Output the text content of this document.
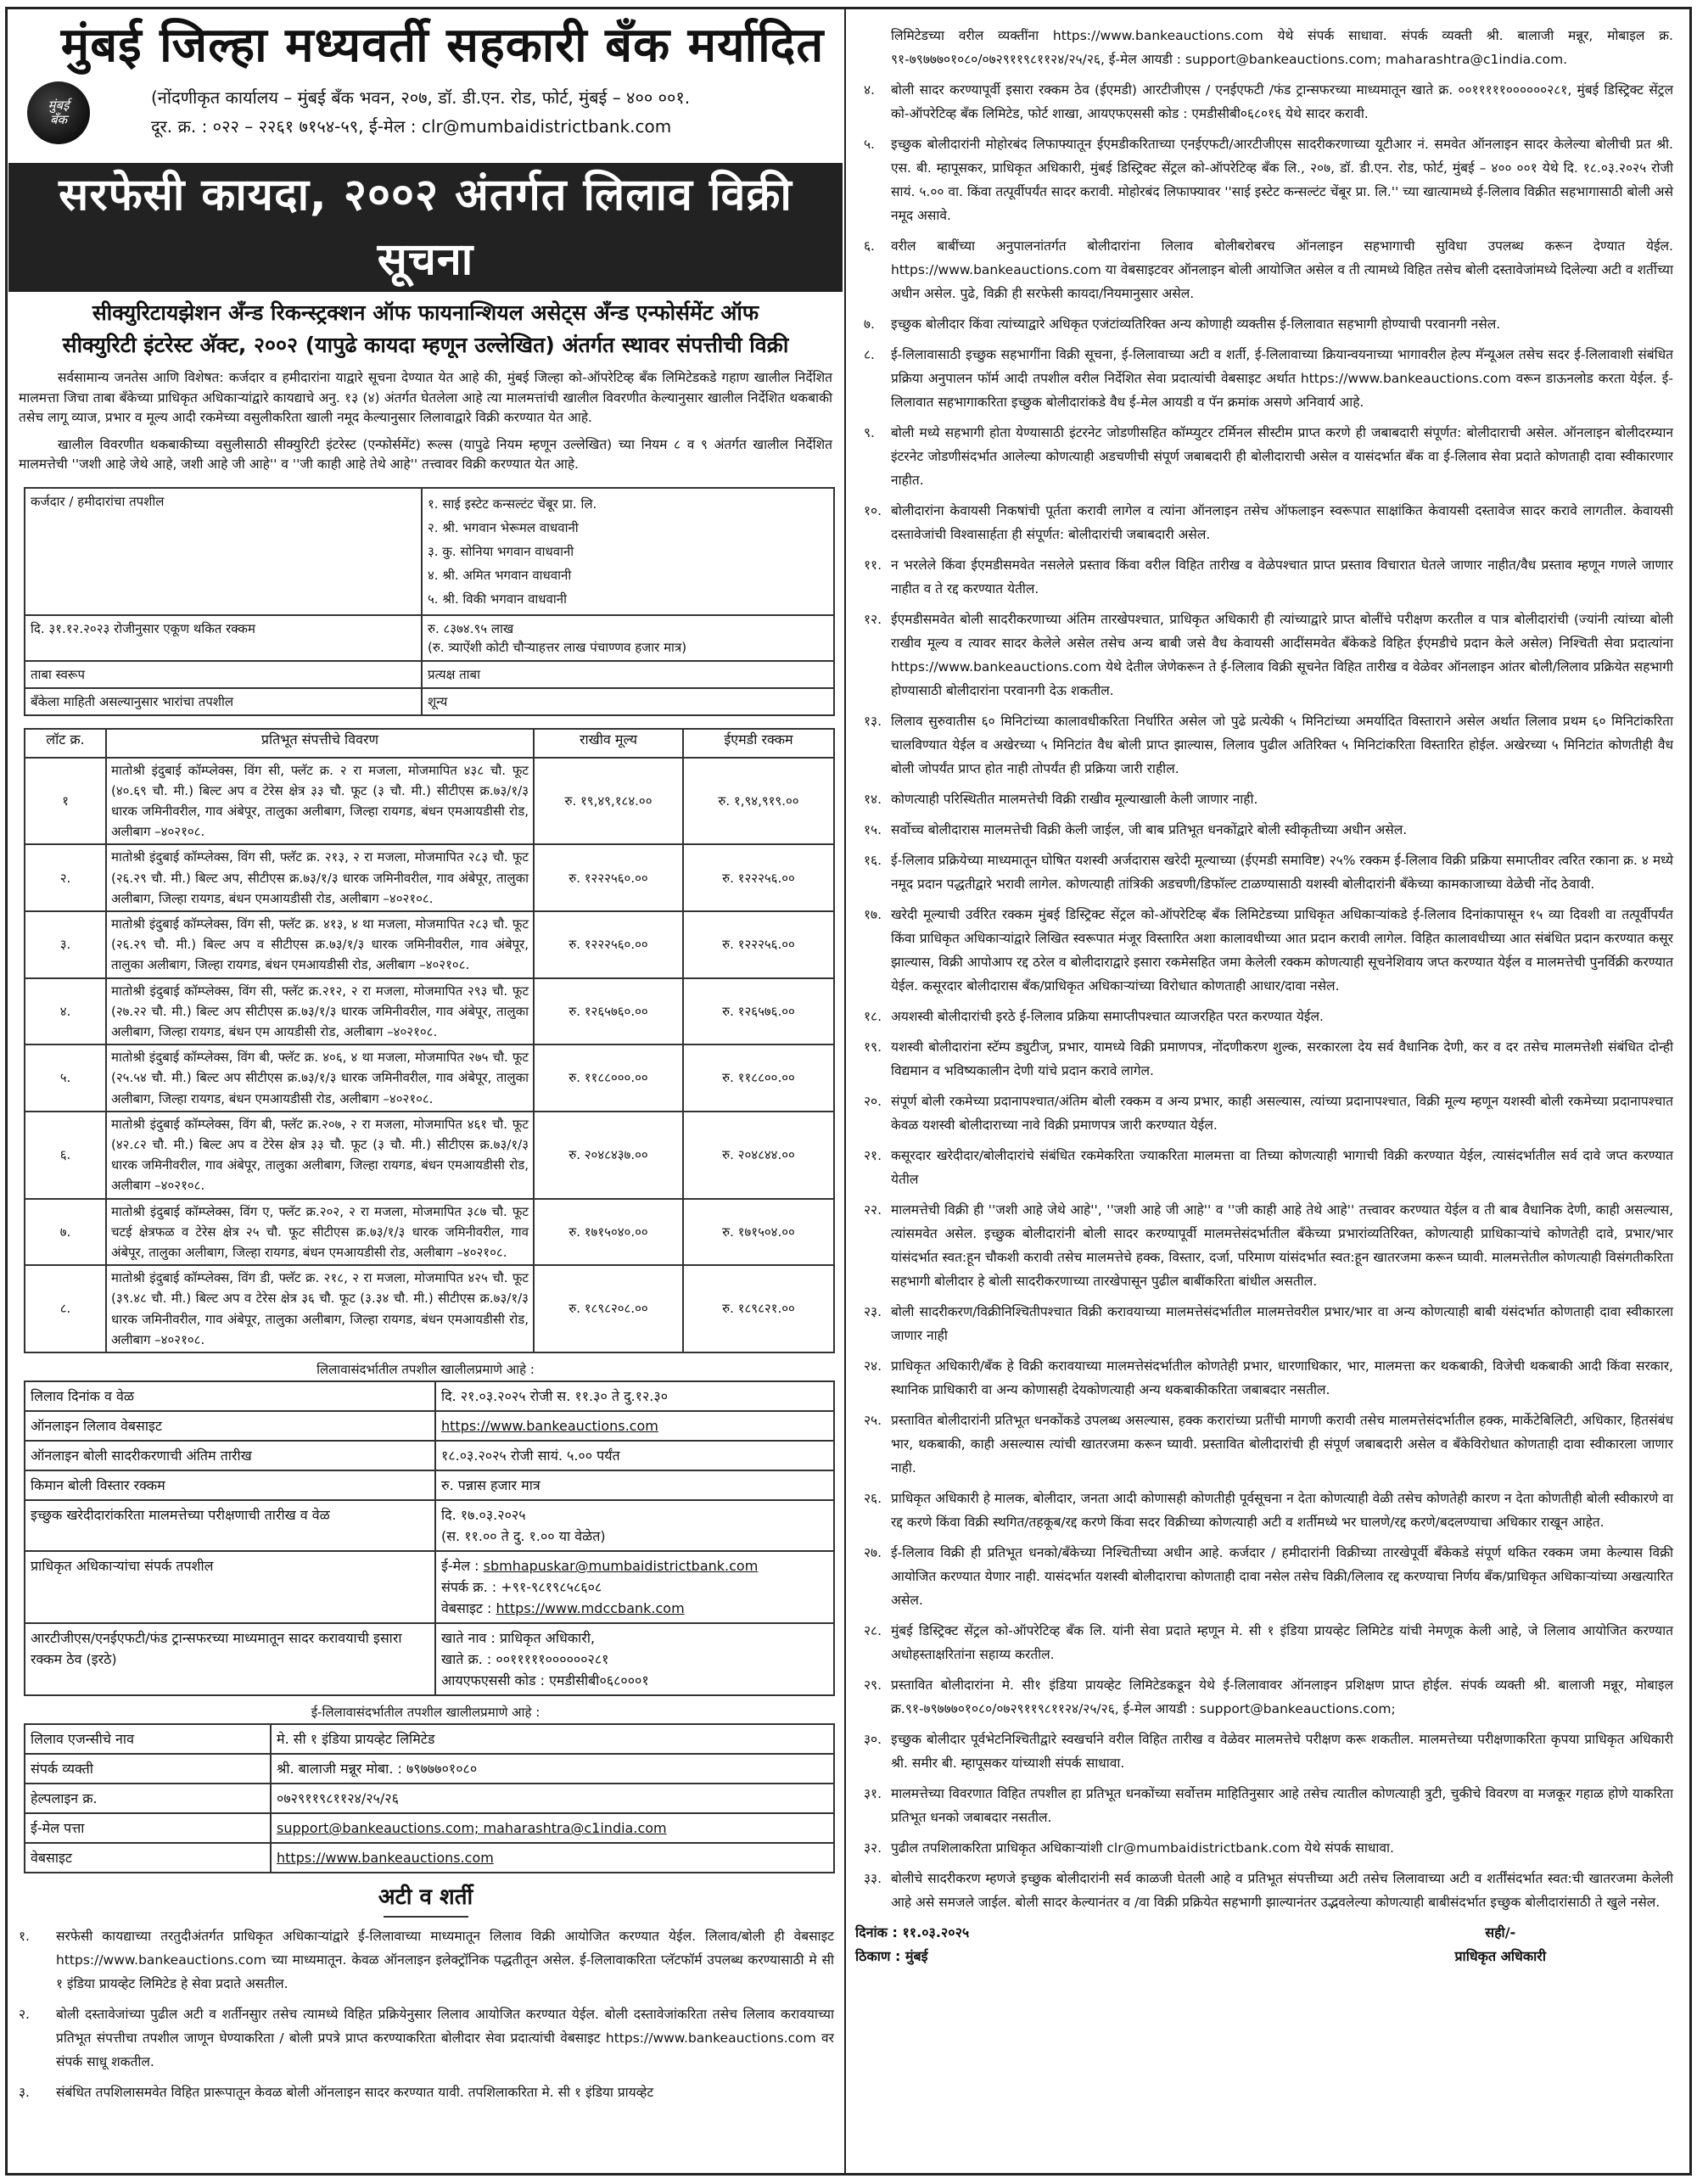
मुंबई जिल्हा मध्यवर्ती सहकारी बँक मर्यादित
मुंबई
बँक
(नोंदणीकृत कार्यालय – मुंबई बँक भवन, २०७, डॉ. डी.एन. रोड, फोर्ट, मुंबई – ४०० ००१.
दूर. क्र. : ०२२ – २२६१ ७१५४-५९, ई-मेल : clr@mumbaidistrictbank.com
सरफेसी कायदा, २००२ अंतर्गत लिलाव विक्री सूचना
सीक्युरिटायझेशन अँन्ड रिकन्स्ट्रक्शन ऑफ फायनान्शियल असेट्स अँन्ड एन्फोर्समेंट ऑफ
सीक्युरिटी इंटरेस्ट अ‍ॅक्ट, २००२ (यापुढे कायदा म्हणून उल्लेखित) अंतर्गत स्थावर संपत्तीची विक्री

सर्वसामान्य जनतेस आणि विशेषत: कर्जदार व हमीदारांना याद्वारे सूचना देण्यात येत आहे की, मुंबई जिल्हा को-ऑपरेटिव्ह बँक लिमिटेडकडे गहाण खालील निर्देशित मालमत्ता जिचा ताबा बँकेच्या प्राधिकृत अधिकाऱ्यांद्वारे कायद्याचे अनु. १३ (४) अंतर्गत घेतलेला आहे त्या मालमत्तांची खालील विवरणीत केल्यानुसार खालील निर्देशित थकबाकी तसेच लागू व्याज, प्रभार व मूल्य आदी रकमेच्या वसुलीकरिता खाली नमूद केल्यानुसार लिलावाद्वारे विक्री करण्यात येत आहे.

खालील विवरणीत थकबाकीच्या वसुलीसाठी सीक्युरिटी इंटरेस्ट (एन्फोर्समेंट) रूल्स (यापुढे नियम म्हणून उल्लेखित) च्या नियम ८ व ९ अंतर्गत खालील निर्देशित मालमत्तेची ''जशी आहे जेथे आहे, जशी आहे जी आहे'' व ''जी काही आहे तेथे आहे'' तत्त्वावर विक्री करण्यात येत आहे.

कर्जदार / हमीदारांचा तपशील	१. साई इस्टेट कन्सल्टंट चेंबूर प्रा. लि.
२. श्री. भगवान भेरूमल वाधवानी
३. कु. सोनिया भगवान वाधवानी
४. श्री. अमित भगवान वाधवानी
५. श्री. विकी भगवान वाधवानी

दि. ३१.१२.२०२३ रोजीनुसार एकूण थकित रक्कम	रु. ८३७४.९५ लाख
(रु. त्र्याऐंशी कोटी चौऱ्याहत्तर लाख पंचाण्णव हजार मात्र)

ताबा स्वरूप	प्रत्यक्ष ताबा
बँकेला माहिती असल्यानुसार भारांचा तपशील	शून्य
लॉट क्र.	प्रतिभूत संपत्तीचे विवरण	राखीव मूल्य	ईएमडी रक्कम
१	मातोश्री इंदुबाई कॉम्प्लेक्स, विंग सी, फ्लॅट क्र. २ रा मजला, मोजमापित ४३८ चौ. फूट (४०.६९ चौ. मी.) बिल्ट अप व टेरेस क्षेत्र ३३ चौ. फूट (३ चौ. मी.) सीटीएस क्र.७३/१/३ धारक जमिनीवरील, गाव अंबेपूर, तालुका अलीबाग, जिल्हा रायगड, बंधन एमआयडीसी रोड, अलीबाग –४०२१०८.	रु. १९,४९,१८४.००	रु. १,९४,९१९.००
२.	मातोश्री इंदुबाई कॉम्प्लेक्स, विंग सी, फ्लॅट क्र. २१३, २ रा मजला, मोजमापित २८३ चौ. फूट (२६.२९ चौ. मी.) बिल्ट अप, सीटीएस क्र.७३/१/३ धारक जमिनीवरील, गाव अंबेपूर, तालुका अलीबाग, जिल्हा रायगड, बंधन एमआयडीसी रोड, अलीबाग –४०२१०८.	रु. १२२२५६०.००	रु. १२२२५६.००
३.	मातोश्री इंदुबाई कॉम्प्लेक्स, विंग सी, फ्लॅट क्र. ४१३, ४ था मजला, मोजमापित २८३ चौ. फूट (२६.२९ चौ. मी.) बिल्ट अप व सीटीएस क्र.७३/१/३ धारक जमिनीवरील, गाव अंबेपूर, तालुका अलीबाग, जिल्हा रायगड, बंधन एमआयडीसी रोड, अलीबाग –४०२१०८.	रु. १२२२५६०.००	रु. १२२२५६.००
४.	मातोश्री इंदुबाई कॉम्प्लेक्स, विंग सी, फ्लॅट क्र.२१२, २ रा मजला, मोजमापित २९३ चौ. फूट (२७.२२ चौ. मी.) बिल्ट अप सीटीएस क्र.७३/१/३ धारक जमिनीवरील, गाव अंबेपूर, तालुका अलीबाग, जिल्हा रायगड, बंधन एम आयडीसी रोड, अलीबाग –४०२१०८.	रु. १२६५७६०.००	रु. १२६५७६.००
५.	मातोश्री इंदुबाई कॉम्प्लेक्स, विंग बी, फ्लॅट क्र. ४०६, ४ था मजला, मोजमापित २७५ चौ. फूट (२५.५४ चौ. मी.) बिल्ट अप सीटीएस क्र.७३/१/३ धारक जमिनीवरील, गाव अंबेपूर, तालुका अलीबाग, जिल्हा रायगड, बंधन एमआयडीसी रोड, अलीबाग –४०२१०८.	रु. ११८८०००.००	रु. ११८८००.००
६.	मातोश्री इंदुबाई कॉम्प्लेक्स, विंग बी, फ्लॅट क्र.२०७, २ रा मजला, मोजमापित ४६१ चौ. फूट (४२.८२ चौ. मी.) बिल्ट अप व टेरेस क्षेत्र ३३ चौ. फूट (३ चौ. मी.) सीटीएस क्र.७३/१/३ धारक जमिनीवरील, गाव अंबेपूर, तालुका अलीबाग, जिल्हा रायगड, बंधन एमआयडीसी रोड, अलीबाग –४०२१०८.	रु. २०४८४३७.००	रु. २०४८४४.००
७.	मातोश्री इंदुबाई कॉम्प्लेक्स, विंग ए, फ्लॅट क्र.२०२, २ रा मजला, मोजमापित ३८७ चौ. फूट चटई क्षेत्रफळ व टेरेस क्षेत्र २५ चौ. फूट सीटीएस क्र.७३/१/३ धारक जमिनीवरील, गाव अंबेपूर, तालुका अलीबाग, जिल्हा रायगड, बंधन एमआयडीसी रोड, अलीबाग –४०२१०८.	रु. १७१५०४०.००	रु. १७१५०४.००
८.	मातोश्री इंदुबाई कॉम्प्लेक्स, विंग डी, फ्लॅट क्र. २१८, २ रा मजला, मोजमापित ४२५ चौ. फूट (३९.४८ चौ. मी.) बिल्ट अप व टेरेस क्षेत्र ३६ चौ. फूट (३.३४ चौ. मी.) सीटीएस क्र.७३/१/३ धारक जमिनीवरील, गाव अंबेपूर, तालुका अलीबाग, जिल्हा रायगड, बंधन एमआयडीसी रोड, अलीबाग –४०२१०८.	रु. १८९८२०८.००	रु. १८९८२१.००
लिलावासंदर्भातील तपशील खालीलप्रमाणे आहे :
लिलाव दिनांक व वेळ	दि. २१.०३.२०२५ रोजी स. ११.३० ते दु.१२.३०
ऑनलाइन लिलाव वेबसाइट	https://www.bankeauctions.com
ऑनलाइन बोली सादरीकरणाची अंतिम तारीख	१८.०३.२०२५ रोजी सायं. ५.०० पर्यंत
किमान बोली विस्तार रक्कम	रु. पन्नास हजार मात्र
इच्छुक खरेदीदारांकरिता मालमत्तेच्या परीक्षणाची तारीख व वेळ	दि. १७.०३.२०२५
(स. ११.०० ते दु. १.०० या वेळेत)

प्राधिकृत अधिकाऱ्यांचा संपर्क तपशील	ई-मेल : sbmhapuskar@mumbaidistrictbank.com
संपर्क क्र. : +९१-९८१९८५८६०८
वेबसाइट : https://www.mdccbank.com

आरटीजीएस/एनईएफटी/फंड ट्रान्सफरच्या माध्यमातून सादर करावयाची इसारा रक्कम ठेव (इरठे)	खाते नाव : प्राधिकृत अधिकारी,
खाते क्र. : ००१११११००००००२८१
आयएफएससी कोड : एमडीसीबी०६८०००१
ई-लिलावासंदर्भातील तपशील खालीलप्रमाणे आहे :
लिलाव एजन्सीचे नाव	मे. सी १ इंडिया प्रायव्हेट लिमिटेड
संपर्क व्यक्ती	श्री. बालाजी मन्नूर मोबा. : ७९७७७०१०८०
हेल्पलाइन क्र.	०७२९११९८११२४/२५/२६
ई-मेल पत्ता	support@bankeauctions.com; maharashtra@c1india.com
वेबसाइट	https://www.bankeauctions.com
अटी व शर्ती
१.	सरफेसी कायद्याच्या तरतुदीअंतर्गत प्राधिकृत अधिकाऱ्यांद्वारे ई-लिलावाच्या माध्यमातून लिलाव विक्री आयोजित करण्यात येईल. लिलाव/बोली ही वेबसाइट https://www.bankeauctions.com च्या माध्यमातून. केवळ ऑनलाइन इलेक्ट्रॉनिक पद्धतीतून असेल. ई-लिलावाकरिता प्लॅटफॉर्म उपलब्ध करण्यासाठी मे सी १ इंडिया प्रायव्हेट लिमिटेड हे सेवा प्रदाते असतील.
२.	बोली दस्तावेजांच्या पुढील अटी व शर्तीनसुार तसेच त्यामध्ये विहित प्रक्रियेनुसार लिलाव आयोजित करण्यात येईल. बोली दस्तावेजांकरिता तसेच लिलाव करावयाच्या प्रतिभूत संपत्तीचा तपशील जाणून घेण्याकरिता / बोली प्रपत्रे प्राप्त करण्याकरिता बोलीदार सेवा प्रदात्यांची वेबसाइट https://www.bankeauctions.com वर संपर्क साधू शकतील.
३.	संबंधित तपशिलासमवेत विहित प्रारूपातून केवळ बोली ऑनलाइन सादर करण्यात यावी. तपशिलाकरिता मे. सी १ इंडिया प्रायव्हेट
लिमिटेडच्या वरील व्यक्तींना https://www.bankeauctions.com येथे संपर्क साधावा. संपर्क व्यक्ती श्री. बालाजी मन्नूर, मोबाइल क्र. ९१-७९७७७०१०८०/०७२९११९८११२४/२५/२६, ई-मेल आयडी : support@bankeauctions.com; maharashtra@c1india.com.
४.	बोली सादर करण्यापूर्वी इसारा रक्कम ठेव (ईएमडी) आरटीजीएस / एनईएफटी /फंड ट्रान्सफरच्या माध्यमातून खाते क्र. ००१११११००००००२८१, मुंबई डिस्ट्रिक्ट सेंट्रल को-ऑपरेटिव्ह बँक लिमिटेड, फोर्ट शाखा, आयएफएससी कोड : एमडीसीबी०६८०१६ येथे सादर करावी.
५.	इच्छुक बोलीदारांनी मोहोरबंद लिफाफ्यातून ईएमडीकरिताच्या एनईएफटी/आरटीजीएस सादरीकरणाच्या यूटीआर नं. समवेत ऑनलाइन सादर केलेल्या बोलीची प्रत श्री. एस. बी. म्हापूसकर, प्राधिकृत अधिकारी, मुंबई डिस्ट्रिक्ट सेंट्रल को-ऑपरेटिव्ह बँक लि., २०७, डॉ. डी.एन. रोड, फोर्ट, मुंबई – ४०० ००१ येथे दि. १८.०३.२०२५ रोजी सायं. ५.०० वा. किंवा तत्पूर्वीपर्यंत सादर करावी. मोहोरबंद लिफाफ्यावर ''साई इस्टेट कन्सल्टंट चेंबूर प्रा. लि.'' च्या खात्यामध्ये ई-लिलाव विक्रीत सहभागासाठी बोली असे नमूद असावे.
६.	वरील बाबींच्या अनुपालनांतर्गत बोलीदारांना लिलाव बोलीबरोबरच ऑनलाइन सहभागाची सुविधा उपलब्ध करून देण्यात येईल. https://www.bankeauctions.com या वेबसाइटवर ऑनलाइन बोली आयोजित असेल व ती त्यामध्ये विहित तसेच बोली दस्तावेजांमध्ये दिलेल्या अटी व शर्तीच्या अधीन असेल. पुढे, विक्री ही सरफेसी कायदा/नियमानुसार असेल.
७.	इच्छुक बोलीदार किंवा त्यांच्याद्वारे अधिकृत एजंटांव्यतिरिक्त अन्य कोणाही व्यक्तीस ई-लिलावात सहभागी होण्याची परवानगी नसेल.
८.	ई-लिलावासाठी इच्छुक सहभागींना विक्री सूचना, ई-लिलावाच्या अटी व शर्ती, ई-लिलावाच्या क्रियान्वयनाच्या भागावरील हेल्प मॅन्यूअल तसेच सदर ई-लिलावाशी संबंधित प्रक्रिया अनुपालन फॉर्म आदी तपशील वरील निर्देशित सेवा प्रदात्यांची वेबसाइट अर्थात https://www.bankeauctions.com वरून डाऊनलोड करता येईल. ई-लिलावात सहभागाकरिता इच्छुक बोलीदारांकडे वैध ई-मेल आयडी व पॅन क्रमांक असणे अनिवार्य आहे.
९.	बोली मध्ये सहभागी होता येण्यासाठी इंटरनेट जोडणीसहित कॉम्प्युटर टर्मिनल सीस्टीम प्राप्त करणे ही जबाबदारी संपूर्णत: बोलीदाराची असेल. ऑनलाइन बोलीदरम्यान इंटरनेट जोडणीसंदर्भात आलेल्या कोणत्याही अडचणीची संपूर्ण जबाबदारी ही बोलीदाराची असेल व यासंदर्भात बँक वा ई-लिलाव सेवा प्रदाते कोणताही दावा स्वीकारणार नाहीत.
१०. बोलीदारांना केवायसी निकषांची पूर्तता करावी लागेल व त्यांना ऑनलाइन तसेच ऑफलाइन स्वरूपात साक्षांकित केवायसी दस्तावेज सादर करावे लागतील. केवायसी दस्तावेजांची विश्वासार्हता ही संपूर्णत: बोलीदारांची जबाबदारी असेल.
११. न भरलेले किंवा ईएमडीसमवेत नसलेले प्रस्ताव किंवा वरील विहित तारीख व वेळेपश्चात प्राप्त प्रस्ताव विचारात घेतले जाणार नाहीत/वैध प्रस्ताव म्हणून गणले जाणार नाहीत व ते रद्द करण्यात येतील.
१२. ईएमडीसमवेत बोली सादरीकरणाच्या अंतिम तारखेपश्चात, प्राधिकृत अधिकारी ही त्यांच्याद्वारे प्राप्त बोलींचे परीक्षण करतील व पात्र बोलीदारांची (ज्यांनी त्यांच्या बोली राखीव मूल्य व त्यावर सादर केलेले असेल तसेच अन्य बाबी जसे वैध केवायसी आदींसमवेत बँकेकडे विहित ईएमडीचे प्रदान केले असेल) निश्चिती सेवा प्रदात्यांना https://www.bankeauctions.com येथे देतील जेणेकरून ते ई-लिलाव विक्री सूचनेत विहित तारीख व वेळेवर ऑनलाइन आंतर बोली/लिलाव प्रक्रियेत सहभागी होण्यासाठी बोलीदारांना परवानगी देऊ शकतील.
१३. लिलाव सुरुवातीस ६० मिनिटांच्या कालावधीकरिता निर्धारित असेल जो पुढे प्रत्येकी ५ मिनिटांच्या अमर्यादित विस्ताराने असेल अर्थात लिलाव प्रथम ६० मिनिटांकरिता चालविण्यात येईल व अखेरच्या ५ मिनिटांत वैध बोली प्राप्त झाल्यास, लिलाव पुढील अतिरिक्त ५ मिनिटांकरिता विस्तारित होईल. अखेरच्या ५ मिनिटांत कोणतीही वैध बोली जोपर्यंत प्राप्त होत नाही तोपर्यंत ही प्रक्रिया जारी राहील.
१४. कोणत्याही परिस्थितीत मालमत्तेची विक्री राखीव मूल्याखाली केली जाणार नाही.
१५. सर्वोच्च बोलीदारास मालमत्तेची विक्री केली जाईल, जी बाब प्रतिभूत धनकोंद्वारे बोली स्वीकृतीच्या अधीन असेल.
१६. ई-लिलाव प्रक्रियेच्या माध्यमातून घोषित यशस्वी अर्जदारास खरेदी मूल्याच्या (ईएमडी समाविष्ट) २५% रक्कम ई-लिलाव विक्री प्रक्रिया समाप्तीवर त्वरित रकाना क्र. ४ मध्ये नमूद प्रदान पद्धतीद्वारे भरावी लागेल. कोणत्याही तांत्रिकी अडचणी/डिफॉल्ट टाळण्यासाठी यशस्वी बोलीदारांनी बँकेच्या कामकाजाच्या वेळेची नोंद ठेवावी.
१७. खरेदी मूल्याची उर्वरित रक्कम मुंबई डिस्ट्रिक्ट सेंट्रल को-ऑपरेटिव्ह बँक लिमिटेडच्या प्राधिकृत अधिकाऱ्यांकडे ई-लिलाव दिनांकापासून १५ व्या दिवशी वा तत्पूर्वीपर्यंत किंवा प्राधिकृत अधिकाऱ्यांद्वारे लिखित स्वरूपात मंजूर विस्तारित अशा कालावधीच्या आत प्रदान करावी लागेल. विहित कालावधीच्या आत संबंधित प्रदान करण्यात कसूर झाल्यास, विक्री आपोआप रद्द ठरेल व बोलीदाराद्वारे इसारा रकमेसहित जमा केलेली रक्कम कोणत्याही सूचनेशिवाय जप्त करण्यात येईल व मालमत्तेची पुनर्विक्री करण्यात येईल. कसूरदार बोलीदारास बँक/प्राधिकृत अधिकाऱ्यांच्या विरोधात कोणताही आधार/दावा नसेल.
१८. अयशस्वी बोलीदारांची इरठे ई-लिलाव प्रक्रिया समाप्तीपश्चात व्याजरहित परत करण्यात येईल.
१९. यशस्वी बोलीदारांना स्टॅम्प ड्युटीज्, प्रभार, यामध्ये विक्री प्रमाणपत्र, नोंदणीकरण शुल्क, सरकारला देय सर्व वैधानिक देणी, कर व दर तसेच मालमत्तेशी संबंधित दोन्ही विद्यमान व भविष्यकालीन देणी यांचे प्रदान करावे लागेल.
२०. संपूर्ण बोली रकमेच्या प्रदानापश्चात/अंतिम बोली रक्कम व अन्य प्रभार, काही असल्यास, त्यांच्या प्रदानापश्चात, विक्री मूल्य म्हणून यशस्वी बोली रकमेच्या प्रदानापश्चात केवळ यशस्वी बोलीदाराच्या नावे विक्री प्रमाणपत्र जारी करण्यात येईल.
२१. कसूरदार खरेदीदार/बोलीदारांचे संबंधित रकमेकरिता ज्याकरिता मालमत्ता वा तिच्या कोणत्याही भागाची विक्री करण्यात येईल, त्यासंदर्भातील सर्व दावे जप्त करण्यात येतील
२२. मालमत्तेची विक्री ही ''जशी आहे जेथे आहे'', ''जशी आहे जी आहे'' व ''जी काही आहे तेथे आहे'' तत्त्वावर करण्यात येईल व ती बाब वैधानिक देणी, काही असल्यास, त्यांसमवेत असेल. इच्छुक बोलीदारांनी बोली सादर करण्यापूर्वी मालमत्तेसंदर्भातील बँकेच्या प्रभारांव्यतिरिक्त, कोणत्याही प्राधिकाऱ्यांचे कोणतेही दावे, प्रभार/भार यांसंदर्भात स्वत:हून चौकशी करावी तसेच मालमत्तेचे हक्क, विस्तार, दर्जा, परिमाण यांसंदर्भात स्वत:हून खातरजमा करून घ्यावी. मालमत्तेतील कोणत्याही विसंगतीकरिता सहभागी बोलीदार हे बोली सादरीकरणाच्या तारखेपासून पुढील बाबींकरिता बांधील असतील.
२३. बोली सादरीकरण/विक्रीनिश्चितीपश्चात विक्री करावयाच्या मालमत्तेसंदर्भातील मालमत्तेवरील प्रभार/भार वा अन्य कोणत्याही बाबी यंसंदर्भात कोणताही दावा स्वीकारला जाणार नाही
२४. प्राधिकृत अधिकारी/बँक हे विक्री करावयाच्या मालमत्तेसंदर्भातील कोणतेही प्रभार, धारणाधिकार, भार, मालमत्ता कर थकबाकी, विजेची थकबाकी आदी किंवा सरकार, स्थानिक प्राधिकारी वा अन्य कोणासही देयकोणत्याही अन्य थकबाकीकरिता जबाबदार नसतील.
२५. प्रस्तावित बोलीदारांनी प्रतिभूत धनकोंकडे उपलब्ध असल्यास, हक्क करारांच्या प्रतींची मागणी करावी तसेच मालमत्तेसंदर्भातील हक्क, मार्केटेबिलिटी, अधिकार, हितसंबंध भार, थकबाकी, काही असल्यास त्यांची खातरजमा करून घ्यावी. प्रस्तावित बोलीदारांची ही संपूर्ण जबाबदारी असेल व बँकेविरोधात कोणताही दावा स्वीकारला जाणार नाही.
२६. प्राधिकृत अधिकारी हे मालक, बोलीदार, जनता आदी कोणासही कोणतीही पूर्वसूचना न देता कोणत्याही वेळी तसेच कोणतेही कारण न देता कोणतीही बोली स्वीकारणे वा रद्द करणे किंवा विक्री स्थगित/तहकूब/रद्द करणे किंवा सदर विक्रीच्या कोणत्याही अटी व शर्तीमध्ये भर घालणे/रद्द करणे/बदलण्याचा अधिकार राखून आहेत.
२७. ई-लिलाव विक्री ही प्रतिभूत धनको/बँकेच्या निश्चितीच्या अधीन आहे. कर्जदार / हमीदारांनी विक्रीच्या तारखेपूर्वी बँकेकडे संपूर्ण थकित रक्कम जमा केल्यास विक्री आयोजित करण्यात येणार नाही. यासंदर्भात यशस्वी बोलीदाराचा कोणताही दावा नसेल तसेच विक्री/लिलाव रद्द करण्याचा निर्णय बँक/प्राधिकृत अधिकाऱ्यांच्या अखत्यारित असेल.
२८. मुंबई डिस्ट्रिक्ट सेंट्रल को-ऑपरेटिव्ह बँक लि. यांनी सेवा प्रदाते म्हणून मे. सी १ इंडिया प्रायव्हेट लिमिटेड यांची नेमणूक केली आहे, जे लिलाव आयोजित करण्यात अधोहस्ताक्षरितांना सहाय्य करतील.
२९. प्रस्तावित बोलीदारांना मे. सी१ इंडिया प्रायव्हेट लिमिटेडकडून येथे ई-लिलावावर ऑनलाइन प्रशिक्षण प्राप्त होईल. संपर्क व्यक्ती श्री. बालाजी मन्नूर, मोबाइल क्र.९१-७९७७७०१०८०/०७२९११९८११२४/२५/२६, ई-मेल आयडी : support@bankeauctions.com;
३०. इच्छुक बोलीदार पूर्वभेटनिश्चितीद्वारे स्वखर्चाने वरील विहित तारीख व वेळेवर मालमत्तेचे परीक्षण करू शकतील. मालमत्तेच्या परीक्षणाकरिता कृपया प्राधिकृत अधिकारी श्री. समीर बी. म्हापूसकर यांच्याशी संपर्क साधावा.
३१. मालमत्तेच्या विवरणात विहित तपशील हा प्रतिभूत धनकोंच्या सर्वोत्तम माहितिनुसार आहे तसेच त्यातील कोणत्याही त्रुटी, चुकीचे विवरण वा मजकूर गहाळ होणे याकरिता प्रतिभूत धनको जबाबदार नसतील.
३२. पुढील तपशिलाकरिता प्राधिकृत अधिकाऱ्यांशी clr@mumbaidistrictbank.com येथे संपर्क साधावा.
३३. बोलीचे सादरीकरण म्हणजे इच्छुक बोलीदारांनी सर्व काळजी घेतली आहे व प्रतिभूत संपत्तीच्या अटी तसेच लिलावाच्या अटी व शर्तींसंदर्भात स्वत:ची खातरजमा केलेली आहे असे समजले जाईल. बोली सादर केल्यानंतर व /वा विक्री प्रक्रियेत सहभागी झाल्यानंतर उद्भवलेल्या कोणत्याही बाबीसंदर्भात इच्छुक बोलीदारांसाठी ते खुले नसेल.
दिनांक : ११.०३.२०२५
ठिकाण : मुंबई
सही/-
प्राधिकृत अधिकारी
